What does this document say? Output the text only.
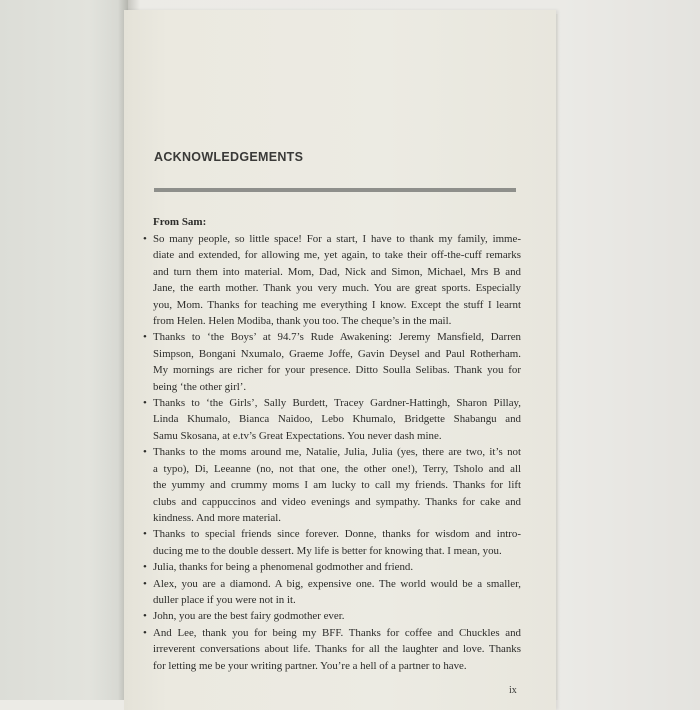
ACKNOWLEDGEMENTS
From Sam:
• So many people, so little space! For a start, I have to thank my family, imme-
diate and extended, for allowing me, yet again, to take their off-the-cuff remarks
and turn them into material. Mom, Dad, Nick and Simon, Michael, Mrs B and
Jane, the earth mother. Thank you very much. You are great sports. Especially
you, Mom. Thanks for teaching me everything I know. Except the stuff I learnt
from Helen. Helen Modiba, thank you too. The cheque’s in the mail.
• Thanks to ‘the Boys’ at 94.7’s Rude Awakening: Jeremy Mansfield, Darren
Simpson, Bongani Nxumalo, Graeme Joffe, Gavin Deysel and Paul Rotherham.
My mornings are richer for your presence. Ditto Soulla Selibas. Thank you for
being ‘the other girl’.
• Thanks to ‘the Girls’, Sally Burdett, Tracey Gardner-Hattingh, Sharon Pillay,
Linda Khumalo, Bianca Naidoo, Lebo Khumalo, Bridgette Shabangu and
Samu Skosana, at e.tv’s Great Expectations. You never dash mine.
• Thanks to the moms around me, Natalie, Julia, Julia (yes, there are two, it’s not
a typo), Di, Leeanne (no, not that one, the other one!), Terry, Tsholo and all
the yummy and crummy moms I am lucky to call my friends. Thanks for lift
clubs and cappuccinos and video evenings and sympathy. Thanks for cake and
kindness. And more material.
• Thanks to special friends since forever. Donne, thanks for wisdom and intro-
ducing me to the double dessert. My life is better for knowing that. I mean, you.
• Julia, thanks for being a phenomenal godmother and friend.
• Alex, you are a diamond. A big, expensive one. The world would be a smaller,
duller place if you were not in it.
• John, you are the best fairy godmother ever.
• And Lee, thank you for being my BFF. Thanks for coffee and Chuckles and
irreverent conversations about life. Thanks for all the laughter and love. Thanks
for letting me be your writing partner. You’re a hell of a partner to have.
ix
